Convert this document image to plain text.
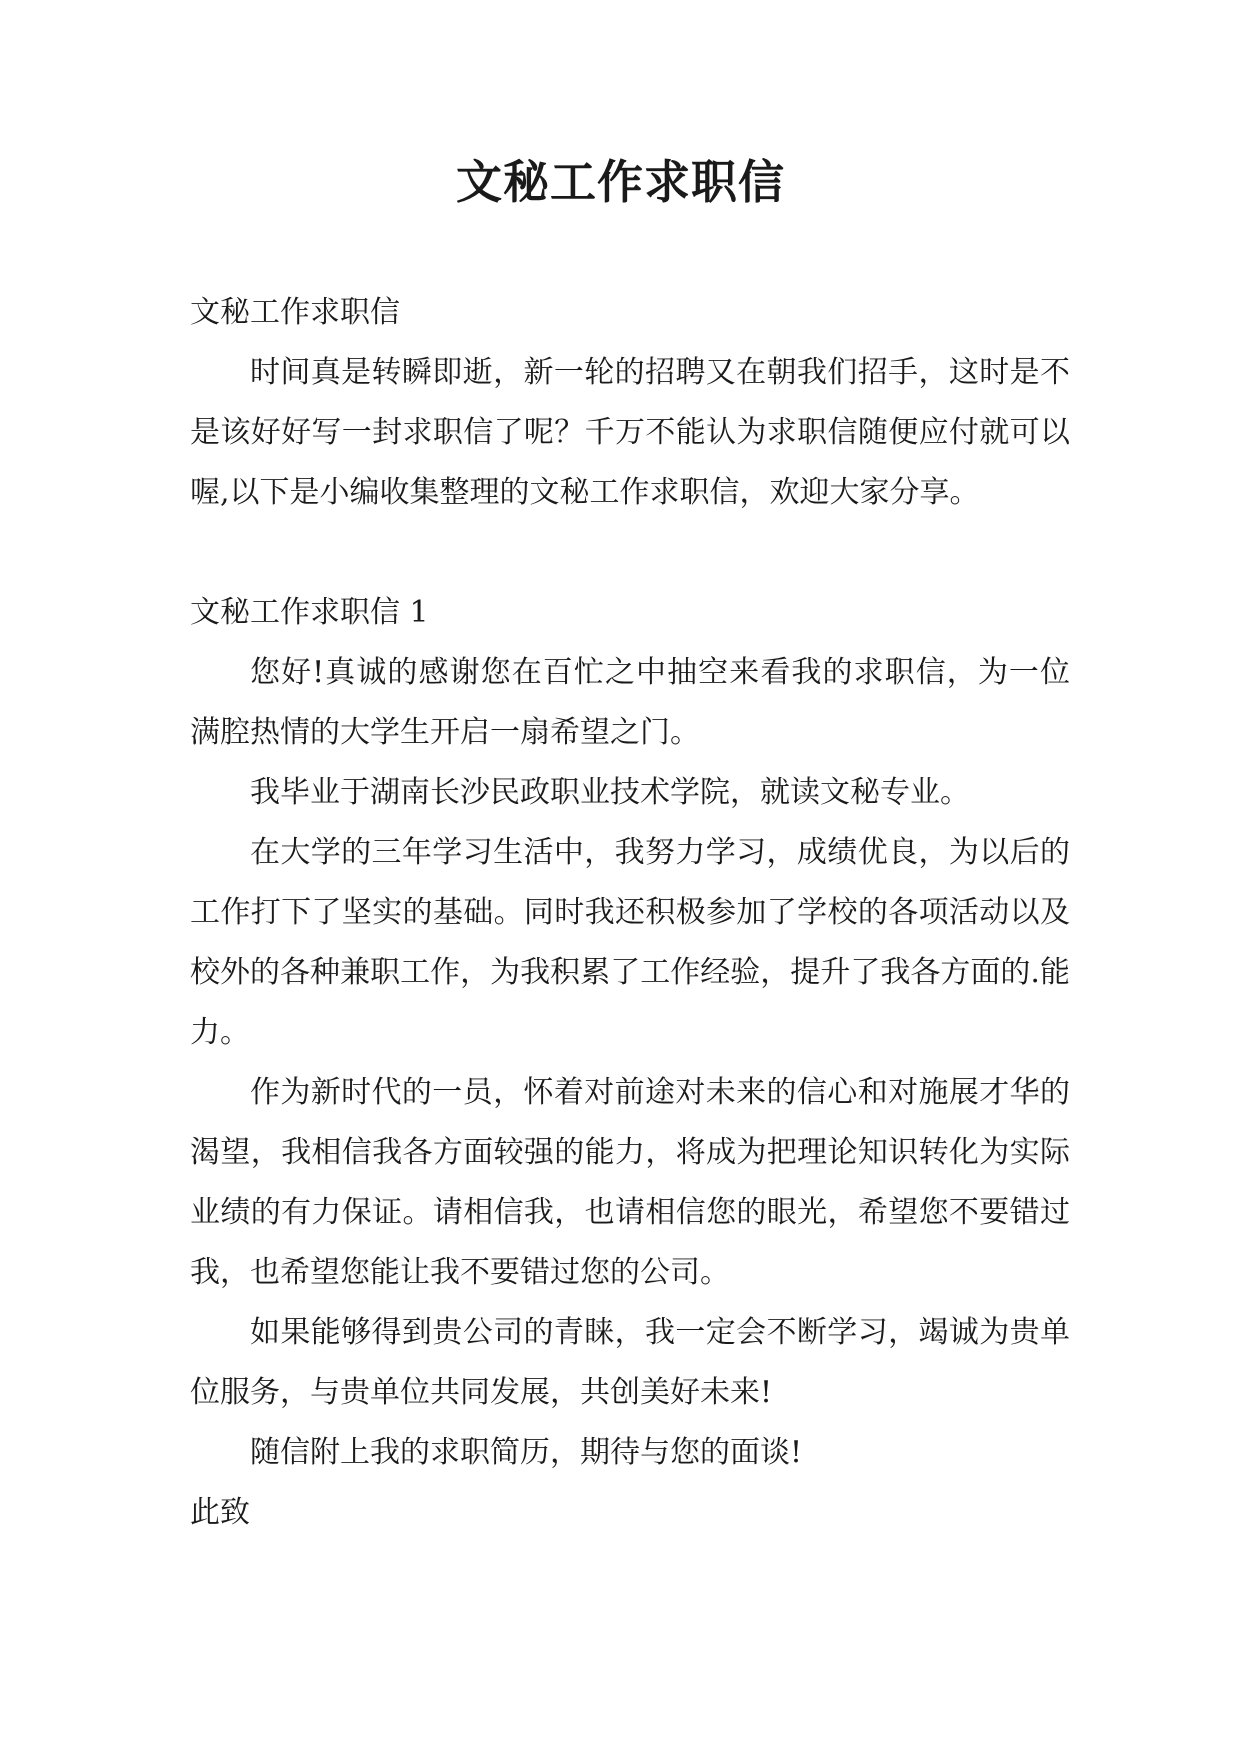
文秘工作求职信

文秘工作求职信

时间真是转瞬即逝，新一轮的招聘又在朝我们招手，这时是不是该好好写一封求职信了呢？千万不能认为求职信随便应付就可以喔,以下是小编收集整理的文秘工作求职信，欢迎大家分享。

文秘工作求职信 1

您好!真诚的感谢您在百忙之中抽空来看我的求职信，为一位满腔热情的大学生开启一扇希望之门。

我毕业于湖南长沙民政职业技术学院，就读文秘专业。

在大学的三年学习生活中，我努力学习，成绩优良，为以后的工作打下了坚实的基础。同时我还积极参加了学校的各项活动以及校外的各种兼职工作，为我积累了工作经验，提升了我各方面的.能力。

作为新时代的一员，怀着对前途对未来的信心和对施展才华的渴望，我相信我各方面较强的能力，将成为把理论知识转化为实际业绩的有力保证。请相信我，也请相信您的眼光，希望您不要错过我，也希望您能让我不要错过您的公司。

如果能够得到贵公司的青睐，我一定会不断学习，竭诚为贵单位服务，与贵单位共同发展，共创美好未来!

随信附上我的求职简历，期待与您的面谈!

此致
